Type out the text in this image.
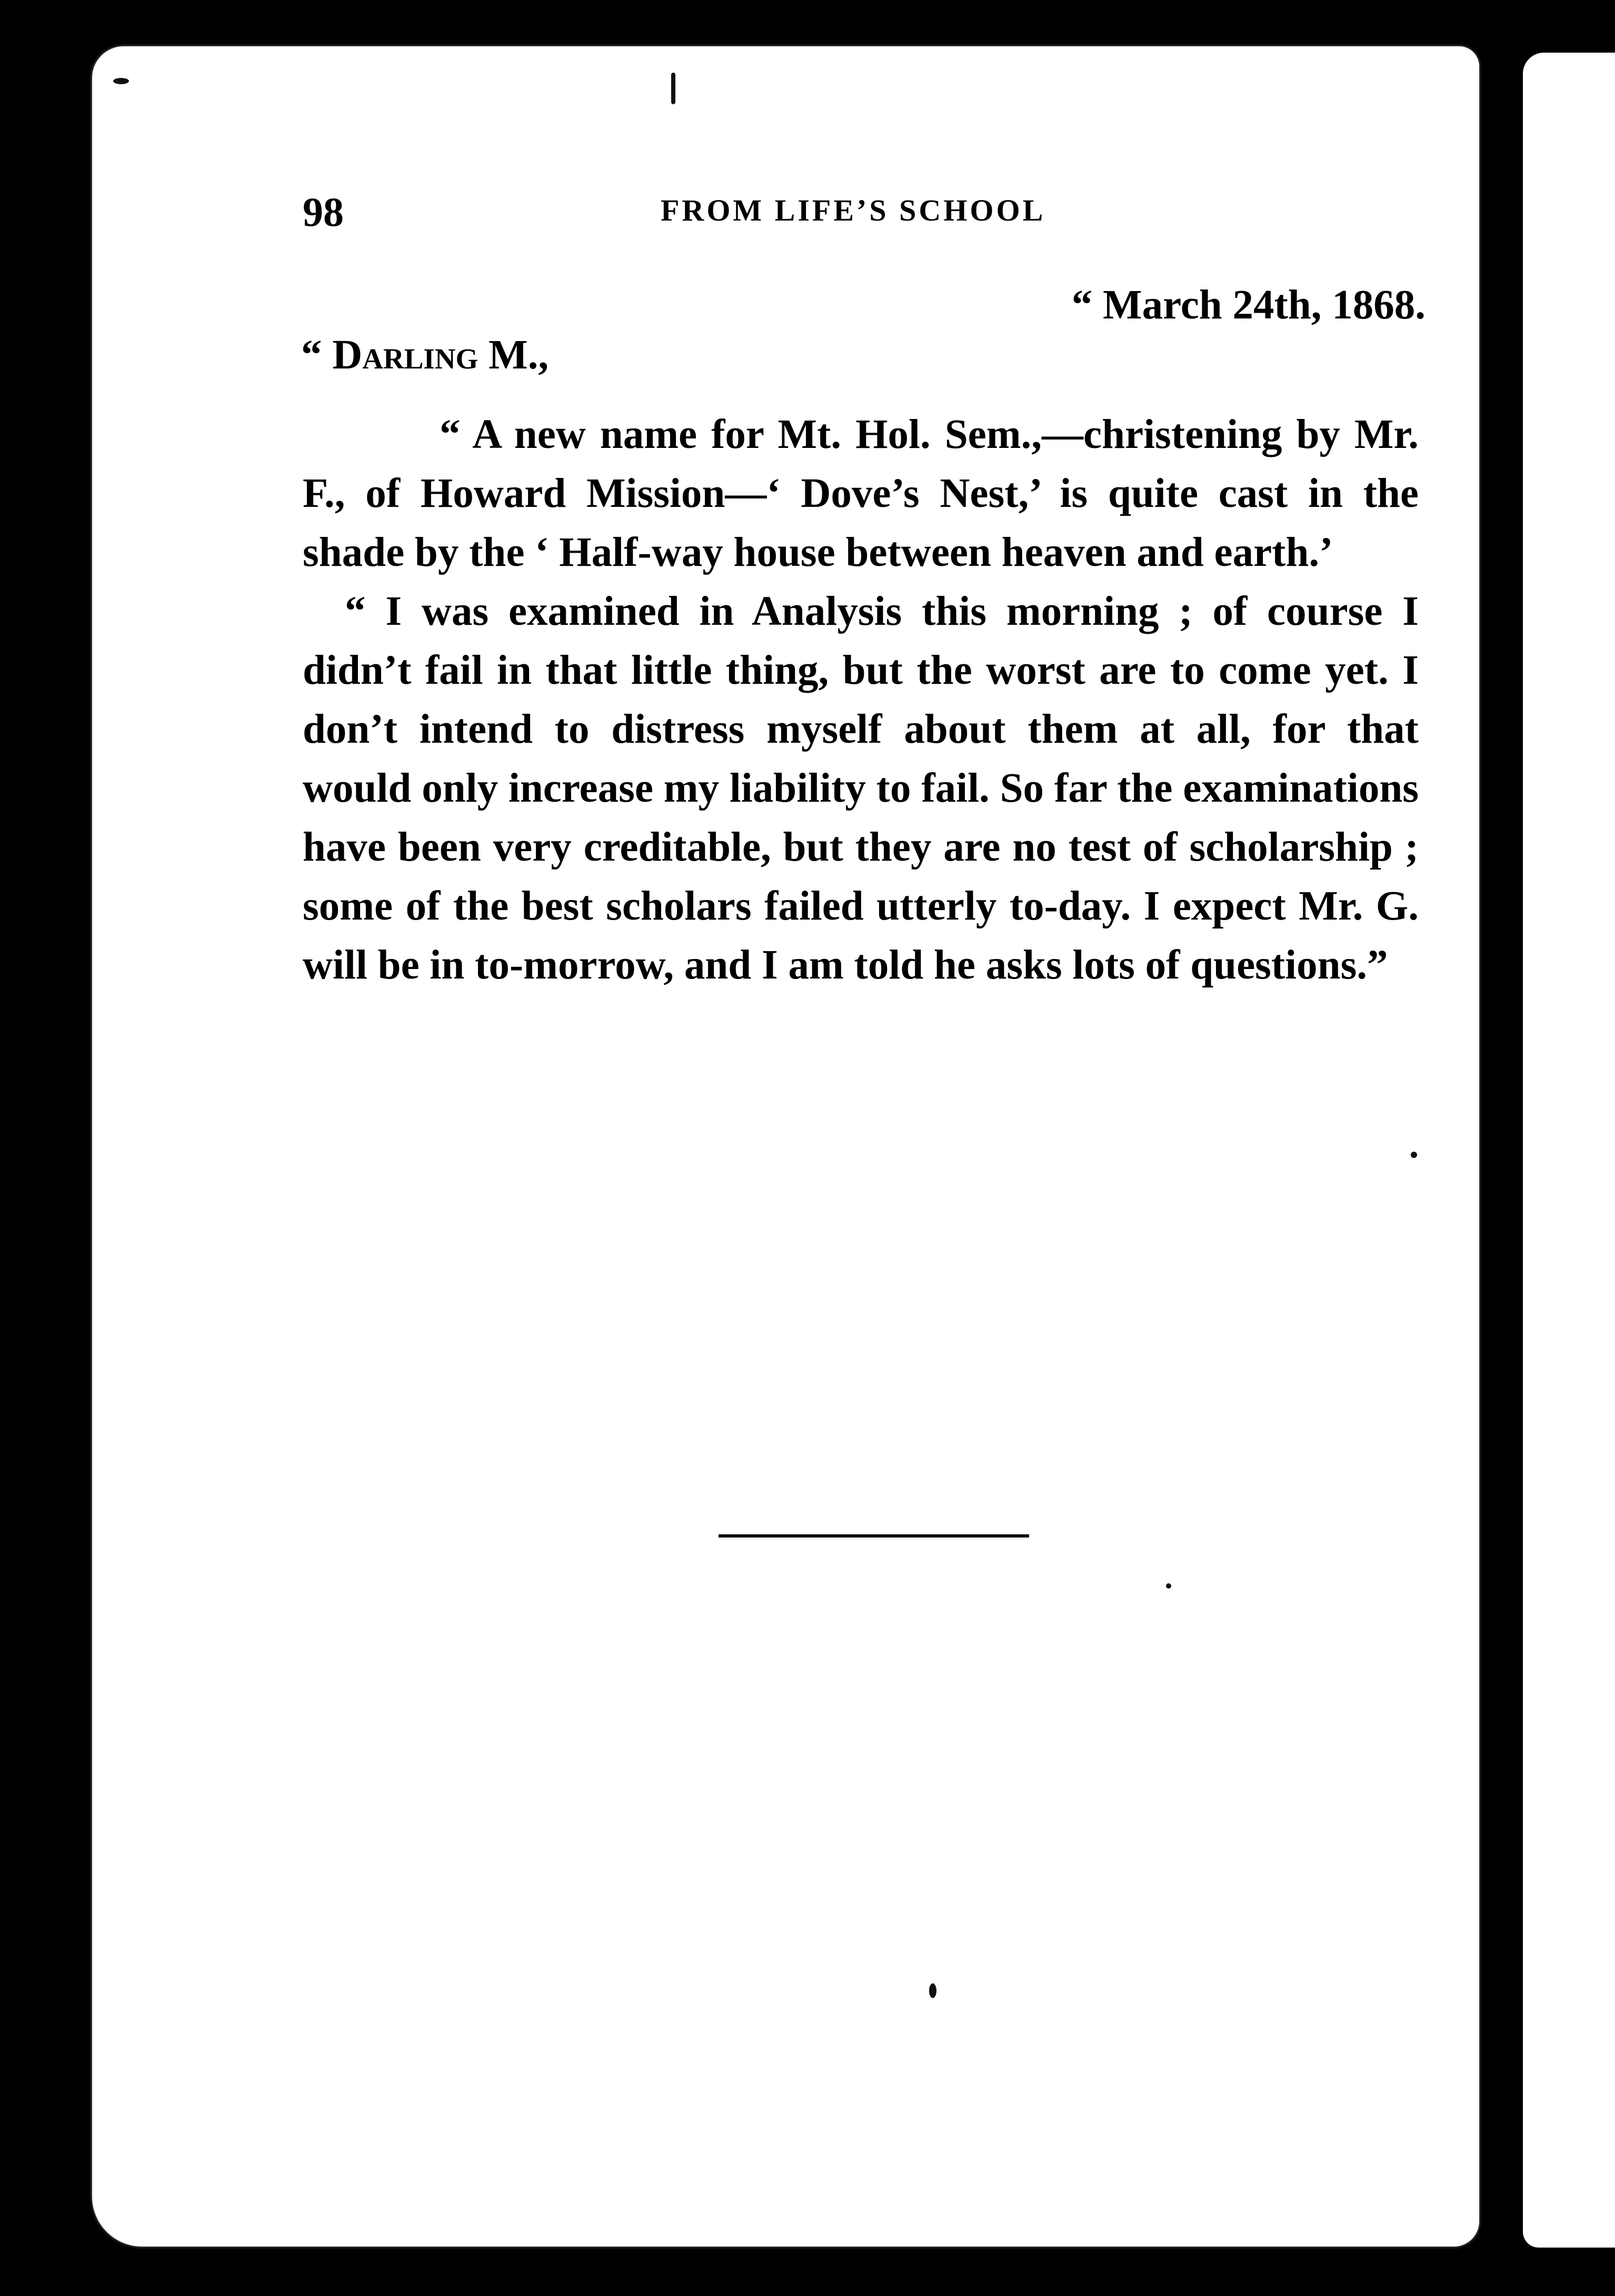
98	FROM LIFE’S SCHOOL
“ March 24th, 1868.
“ Darling M.,

“ A new name for Mt. Hol. Sem.,—christening by Mr. F., of Howard Mission—‘ Dove’s Nest,’ is quite cast in the shade by the ‘ Half-way house between heaven and earth.’

“ I was examined in Analysis this morning ; of course I didn’t fail in that little thing, but the worst are to come yet. I don’t intend to distress myself about them at all, for that would only increase my liability to fail. So far the examinations have been very creditable, but they are no test of scholarship ; some of the best scholars failed utterly to-day. I expect Mr. G. will be in to-morrow, and I am told he asks lots of questions.”
